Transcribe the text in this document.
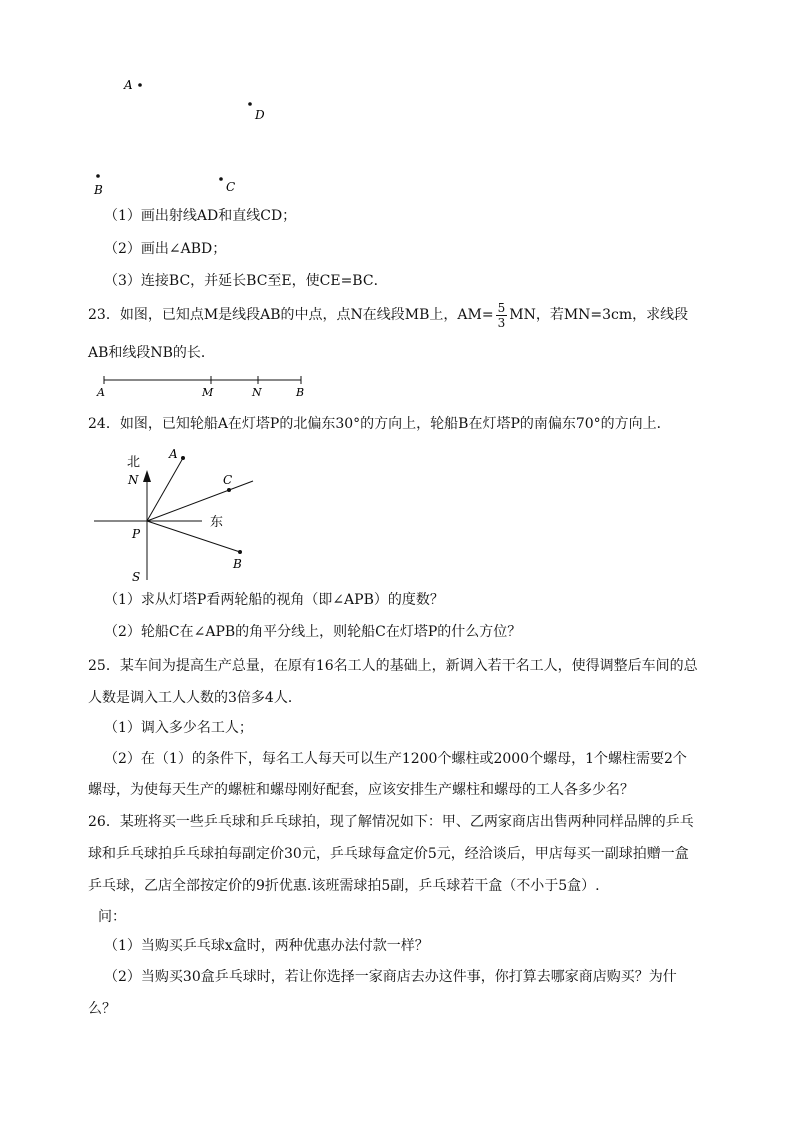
A
D
B	C
（1）画出射线AD和直线CD；
（2）画出∠ABD；
（3）连接BC，并延长BC至E，使CE=BC．
23．如图，已知点M是线段AB的中点，点N在线段MB上，$AM= \frac{5}{3}$ MN，若MN=3cm，求线段
AB和线段NB的长．
A	M	N	B
24．如图，已知轮船A在灯塔P的北偏东30°的方向上，轮船B在灯塔P的南偏东70°的方向上．
北
N
东
P
S
A
C
B
（1）求从灯塔P看两轮船的视角（即∠APB）的度数？
（2）轮船C在∠APB的角平分线上，则轮船C在灯塔P的什么方位？
25．某车间为提高生产总量，在原有16名工人的基础上，新调入若干名工人，使得调整后车间的总
人数是调入工人人数的3倍多4人．
（1）调入多少名工人；
（2）在（1）的条件下，每名工人每天可以生产1200个螺柱或2000个螺母，1个螺柱需要2个
螺母，为使每天生产的螺桩和螺母刚好配套，应该安排生产螺柱和螺母的工人各多少名？
26．某班将买一些乒乓球和乒乓球拍，现了解情况如下：甲、乙两家商店出售两种同样品牌的乒乓
球和乒乓球拍乒乓球拍每副定价30元，乒乓球每盒定价5元，经洽谈后，甲店每买一副球拍赠一盒
乒乓球，乙店全部按定价的9折优惠.该班需球拍5副，乒乓球若干盒（不小于5盒）.
问：
（1）当购买乒乓球x盒时，两种优惠办法付款一样？
（2）当购买30盒乒乓球时，若让你选择一家商店去办这件事，你打算去哪家商店购买？为什
么？
